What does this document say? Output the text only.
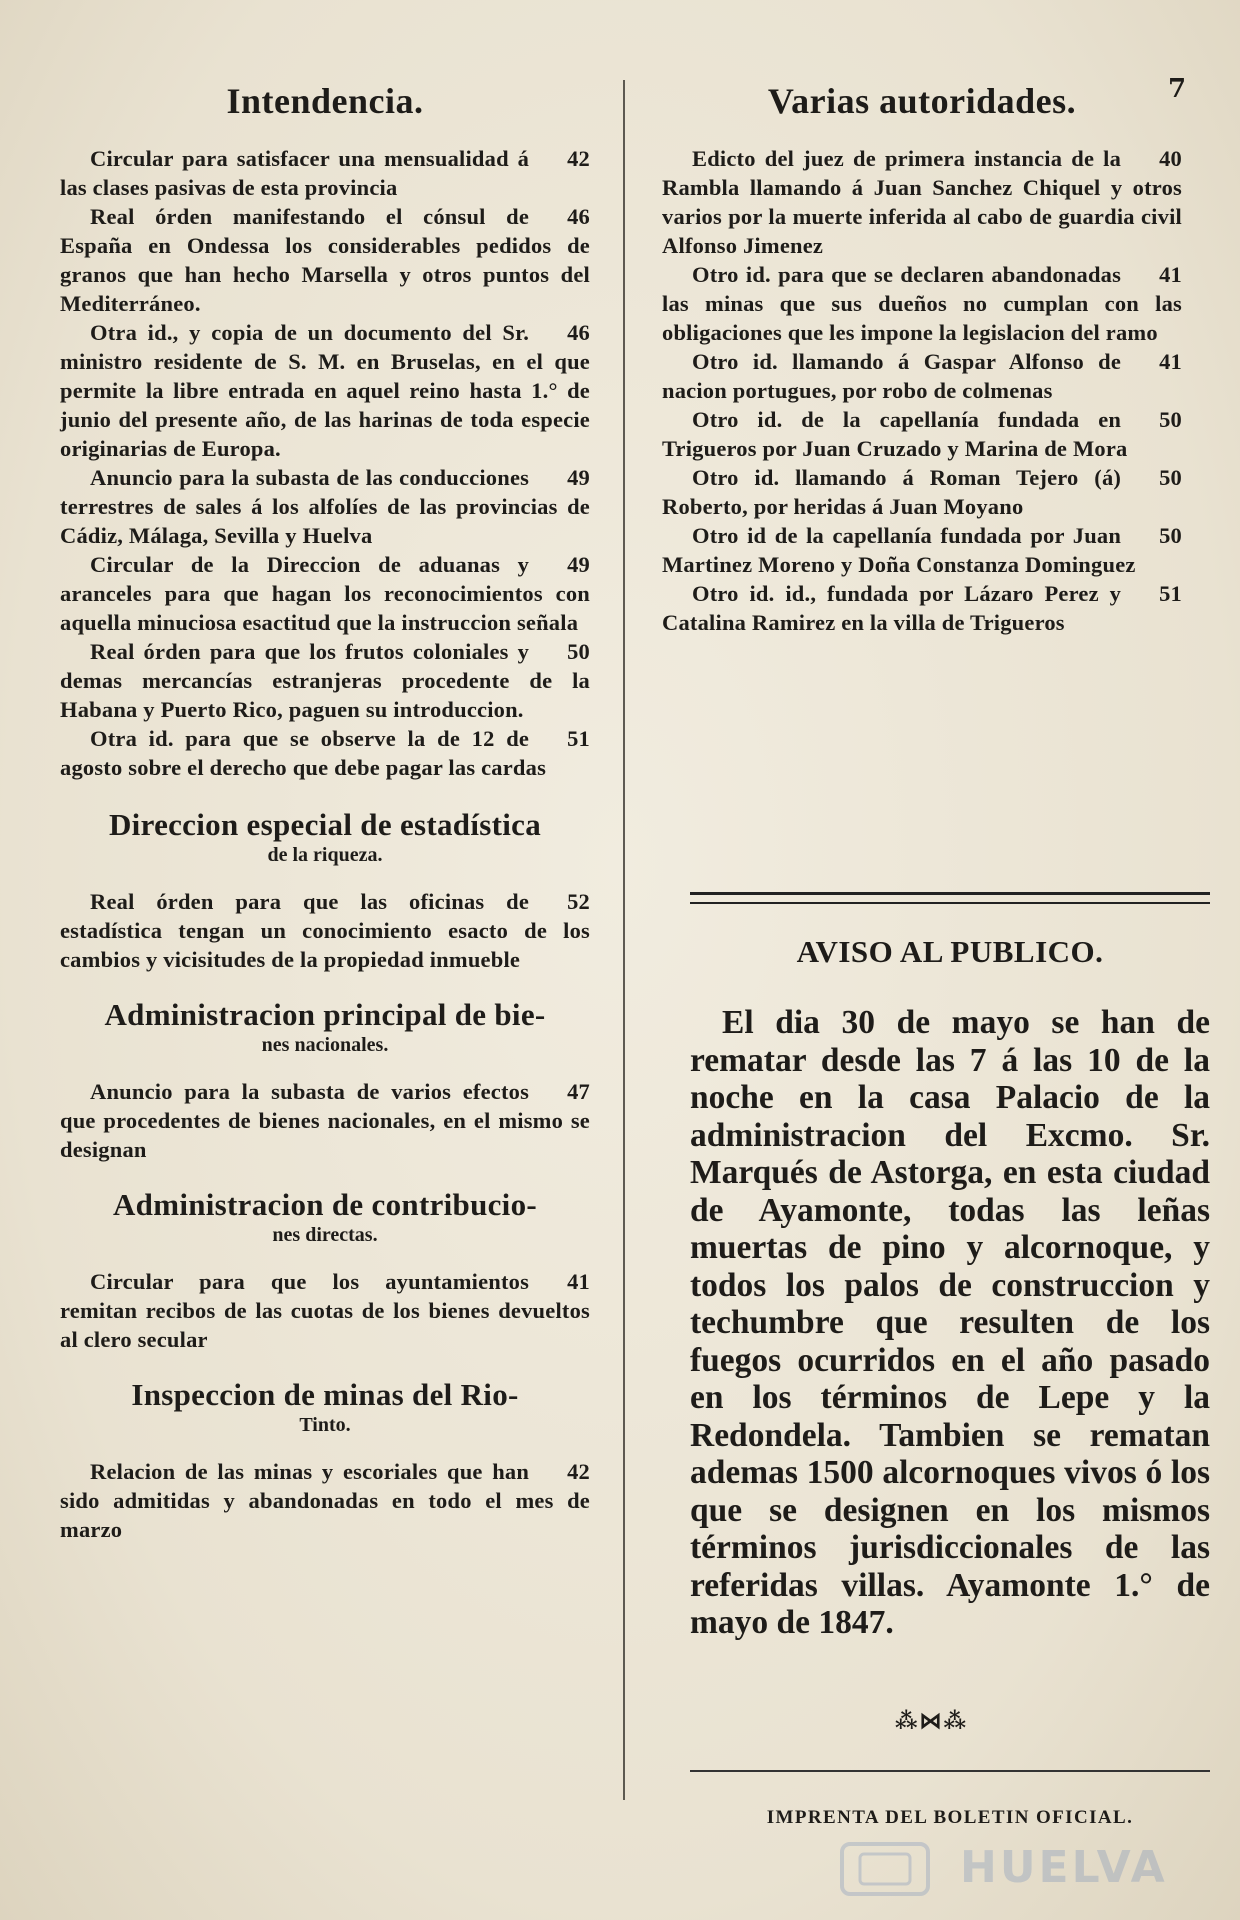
7
Intendencia.
42
Circular para satisfacer una mensualidad á las clases pasivas de esta provincia
46
Real órden manifestando el cónsul de España en Ondessa los considerables pedidos de granos que han hecho Marsella y otros puntos del Mediterráneo.
46
Otra id., y copia de un documento del Sr. ministro residente de S. M. en Bruselas, en el que permite la libre entrada en aquel reino hasta 1.° de junio del presente año, de las harinas de toda especie originarias de Europa.
49
Anuncio para la subasta de las conducciones terrestres de sales á los alfolíes de las provincias de Cádiz, Málaga, Sevilla y Huelva
49
Circular de la Direccion de aduanas y aranceles para que hagan los reconocimientos con aquella minuciosa esactitud que la instruccion señala
50
Real órden para que los frutos coloniales y demas mercancías estranjeras procedente de la Habana y Puerto Rico, paguen su introduccion.
51
Otra id. para que se observe la de 12 de agosto sobre el derecho que debe pagar las cardas
Direccion especial de estadística
de la riqueza.
52
Real órden para que las oficinas de estadística tengan un conocimiento esacto de los cambios y vicisitudes de la propiedad inmueble
Administracion principal de bie-
nes nacionales.
47
Anuncio para la subasta de varios efectos que procedentes de bienes nacionales, en el mismo se designan
Administracion de contribucio-
nes directas.
41
Circular para que los ayuntamientos remitan recibos de las cuotas de los bienes devueltos al clero secular
Inspeccion de minas del Rio-
Tinto.
42
Relacion de las minas y escoriales que han sido admitidas y abandonadas en todo el mes de marzo
Varias autoridades.
40
Edicto del juez de primera instancia de la Rambla llamando á Juan Sanchez Chiquel y otros varios por la muerte inferida al cabo de guardia civil Alfonso Jimenez
41
Otro id. para que se declaren abandonadas las minas que sus dueños no cumplan con las obligaciones que les impone la legislacion del ramo
41
Otro id. llamando á Gaspar Alfonso de nacion portugues, por robo de colmenas
50
Otro id. de la capellanía fundada en Trigueros por Juan Cruzado y Marina de Mora
50
Otro id. llamando á Roman Tejero (á) Roberto, por heridas á Juan Moyano
50
Otro id de la capellanía fundada por Juan Martinez Moreno y Doña Constanza Dominguez
51
Otro id. id., fundada por Lázaro Perez y Catalina Ramirez en la villa de Trigueros
AVISO AL PUBLICO.
El dia 30 de mayo se han de rematar desde las 7 á las 10 de la noche en la casa Palacio de la administracion del Excmo. Sr. Marqués de Astorga, en esta ciudad de Ayamonte, todas las leñas muertas de pino y alcornoque, y todos los palos de construccion y techumbre que resulten de los fuegos ocurridos en el año pasado en los términos de Lepe y la Redondela. Tambien se rematan ademas 1500 alcornoques vivos ó los que se designen en los mismos términos jurisdiccionales de las referidas villas. Ayamonte 1.° de mayo de 1847.
⁂⋈⁂
IMPRENTA DEL BOLETIN OFICIAL.
HUELVA
